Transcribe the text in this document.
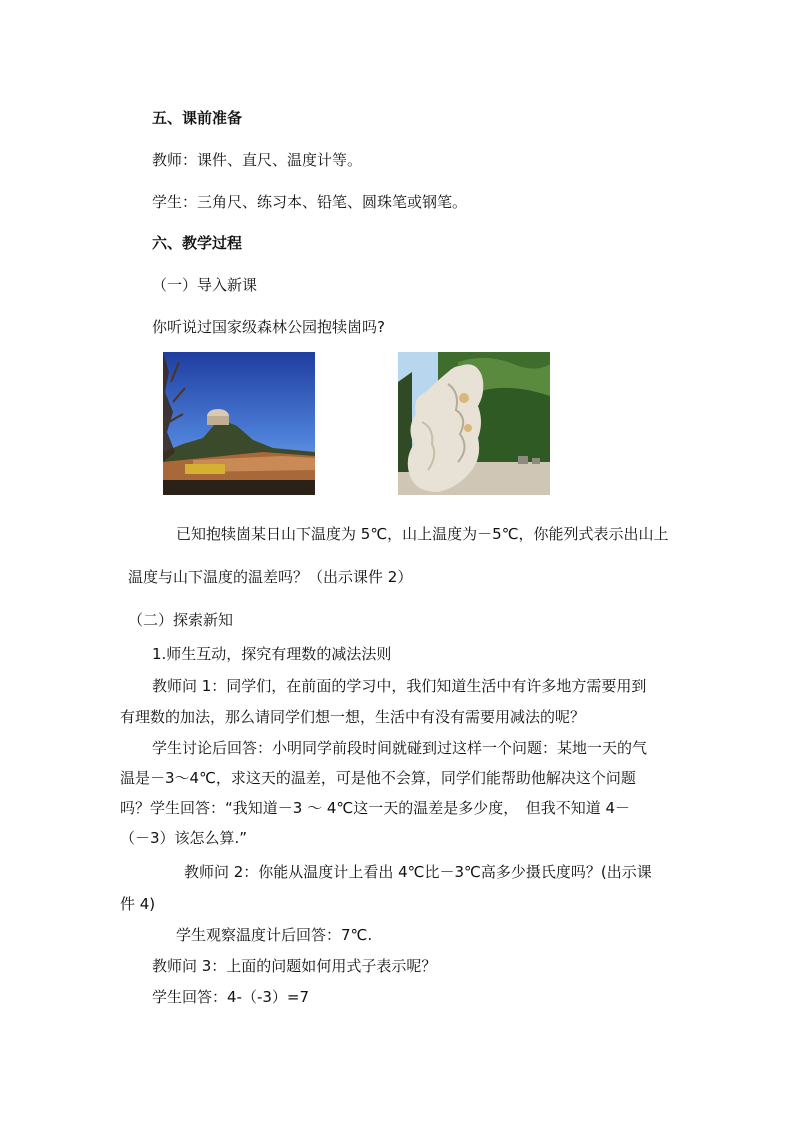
五、课前准备
教师：课件、直尺、温度计等。
学生：三角尺、练习本、铅笔、圆珠笔或钢笔。
六、教学过程
（一）导入新课
你听说过国家级森林公园抱犊崮吗?
已知抱犊崮某日山下温度为 5℃，山上温度为－5℃，你能列式表示出山上
温度与山下温度的温差吗？（出示课件 2）
（二）探索新知
1.师生互动，探究有理数的减法法则
教师问 1：同学们，在前面的学习中，我们知道生活中有许多地方需要用到
有理数的加法，那么请同学们想一想，生活中有没有需要用减法的呢？
学生讨论后回答：小明同学前段时间就碰到过这样一个问题：某地一天的气
温是－3～4℃，求这天的温差，可是他不会算，同学们能帮助他解决这个问题
吗？学生回答：“我知道－3 ～ 4℃这一天的温差是多少度，　但我不知道 4－
（－3）该怎么算.”
教师问 2：你能从温度计上看出 4℃比－3℃高多少摄氏度吗？(出示课
件 4)
学生观察温度计后回答：7℃.
教师问 3：上面的问题如何用式子表示呢？
学生回答：4-（-3）=7
